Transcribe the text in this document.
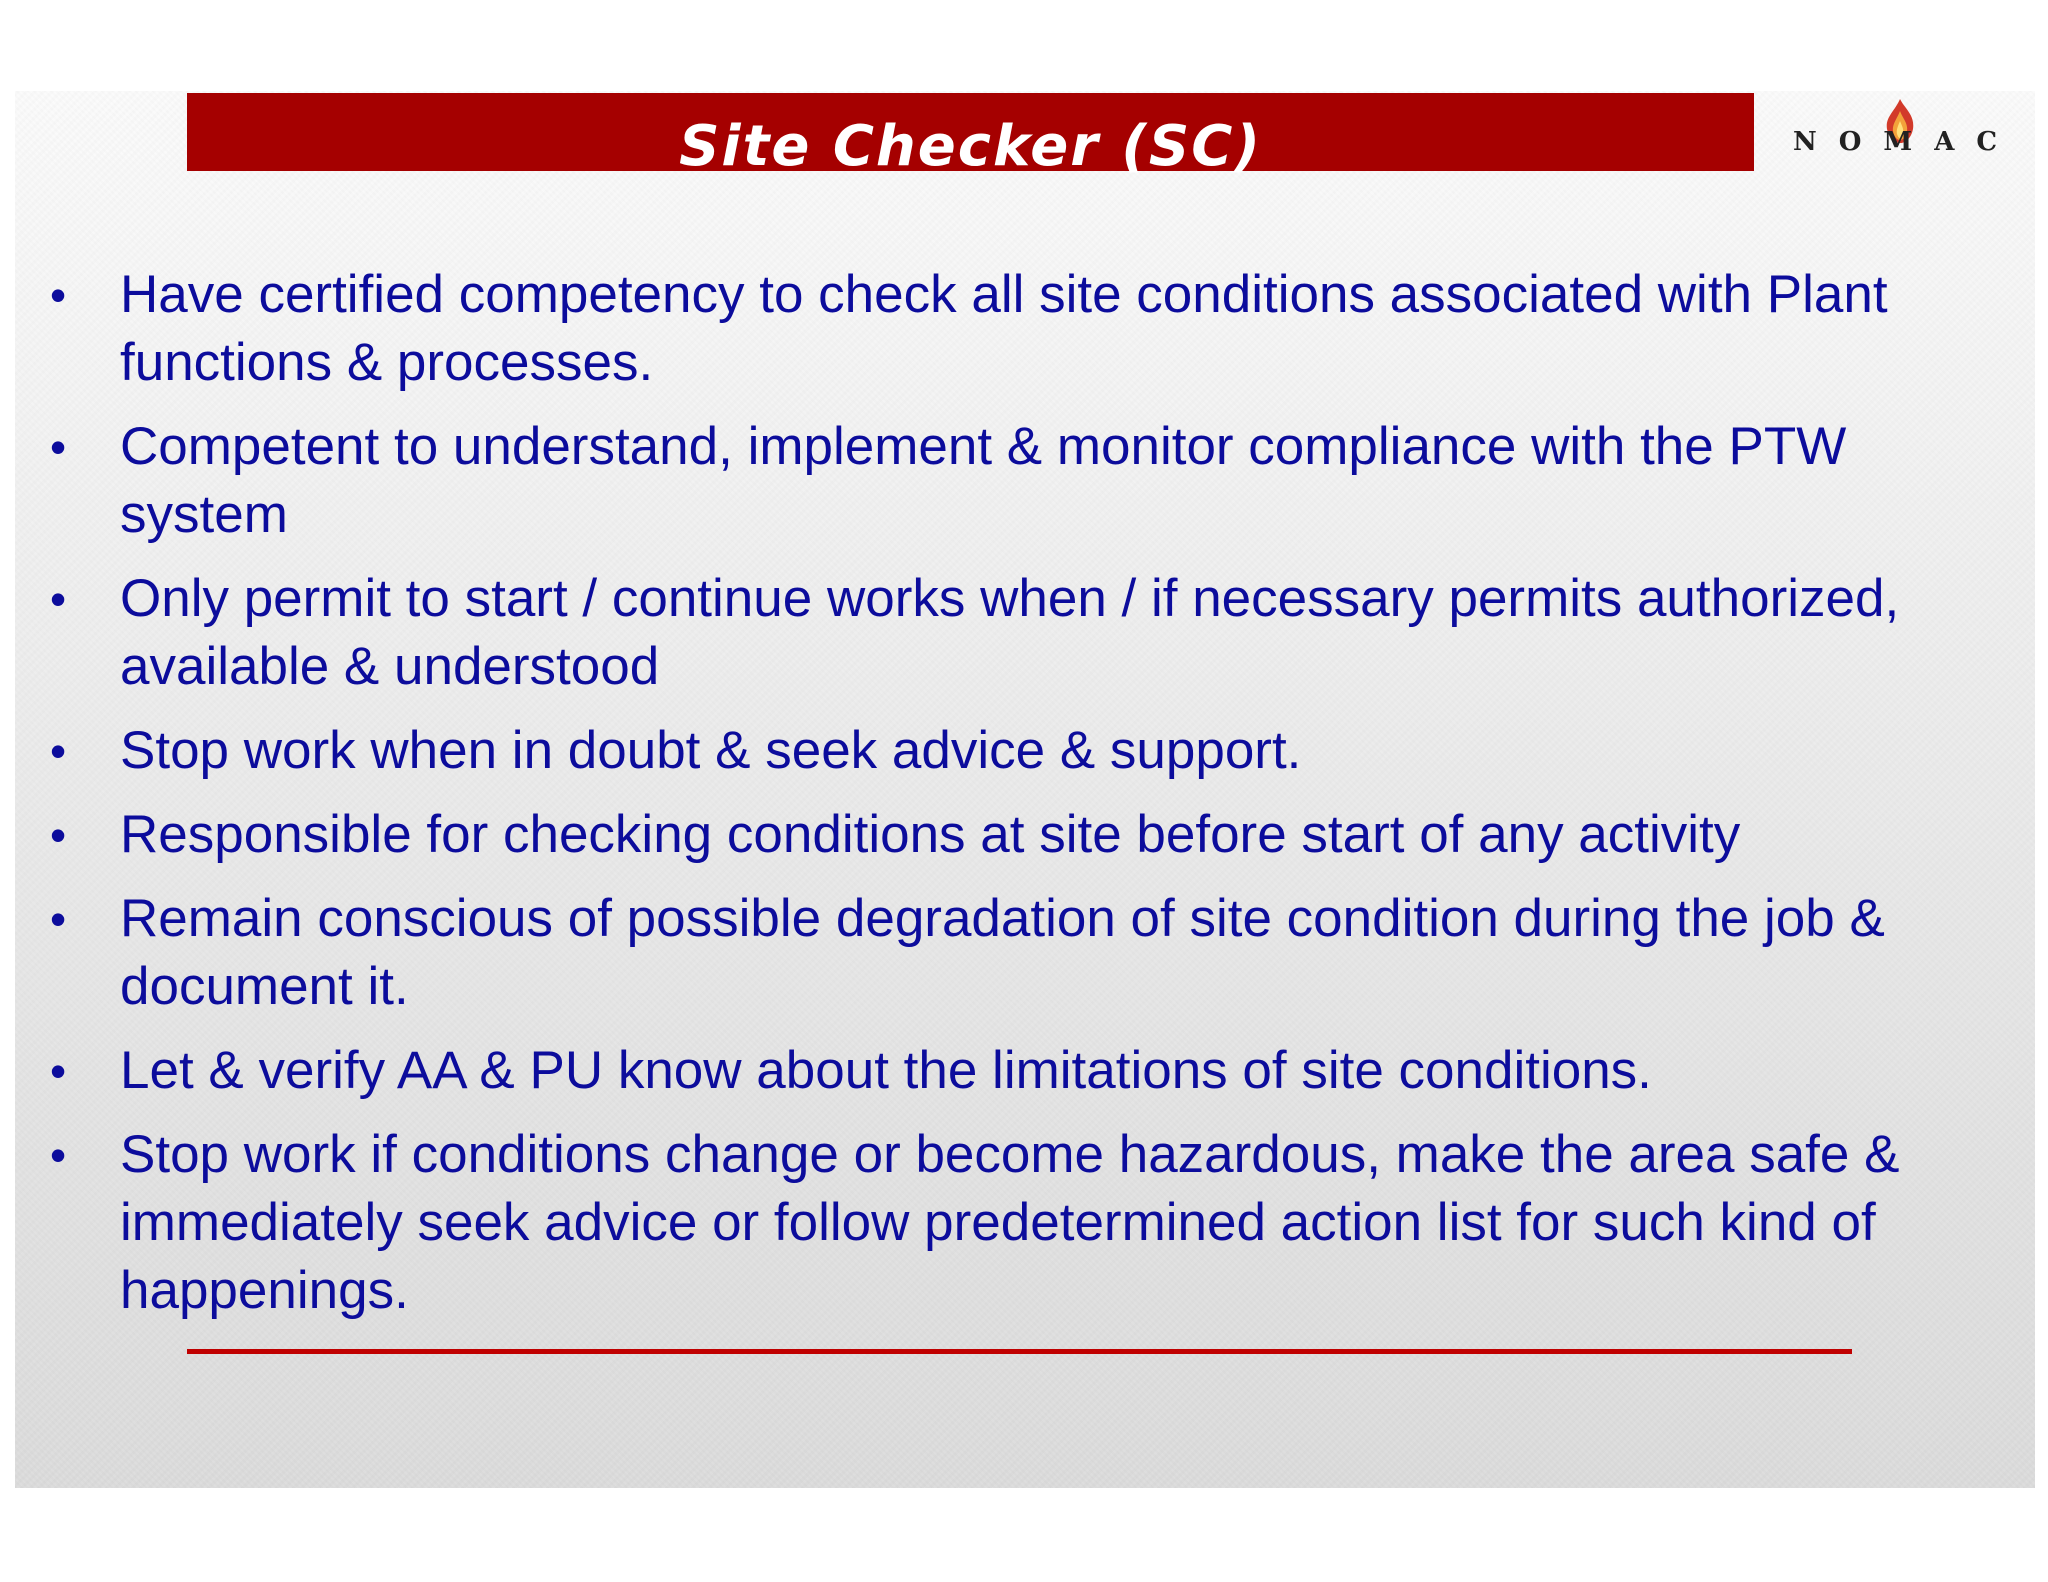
Site Checker (SC)	NOMAC
• Have certified competency to check all site conditions associated with Plant functions & processes.
• Competent to understand, implement & monitor compliance with the PTW system
• Only permit to start / continue works when / if necessary permits authorized, available & understood
• Stop work when in doubt & seek advice & support.
• Responsible for checking conditions at site before start of any activity
• Remain conscious of possible degradation of site condition during the job & document it.
• Let & verify AA & PU know about the limitations of site conditions.
• Stop work if conditions change or become hazardous, make the area safe & immediately seek advice or follow predetermined action list for such kind of happenings.
